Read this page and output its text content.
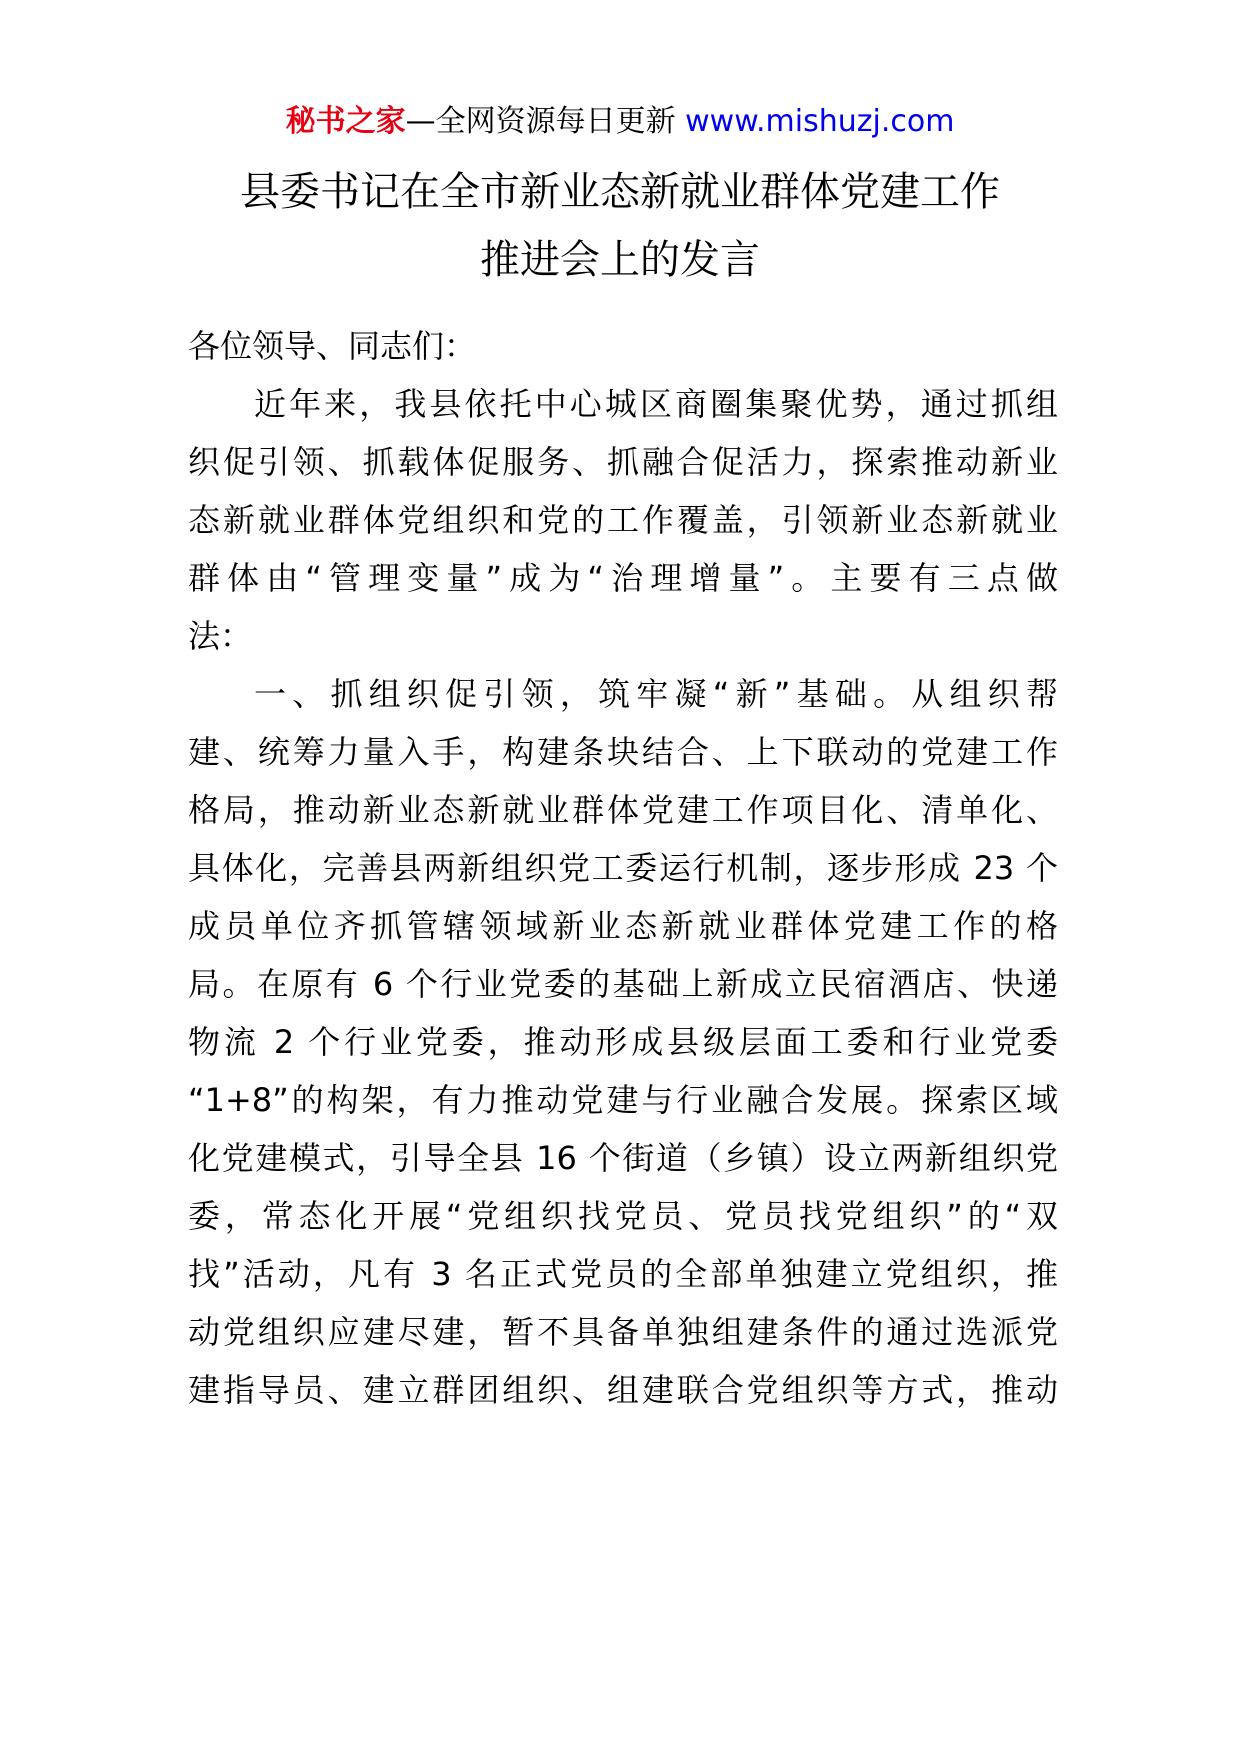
秘书之家—全网资源每日更新 www.mishuzj.com
县委书记在全市新业态新就业群体党建工作
推进会上的发言
各位领导、同志们：
近年来，我县依托中心城区商圈集聚优势，通过抓组
织促引领、抓载体促服务、抓融合促活力，探索推动新业
态新就业群体党组织和党的工作覆盖，引领新业态新就业
群体由“管理变量”成为“治理增量”。主要有三点做
法：
一、抓组织促引领，筑牢凝“新”基础。从组织帮
建、统筹力量入手，构建条块结合、上下联动的党建工作
格局，推动新业态新就业群体党建工作项目化、清单化、
具体化，完善县两新组织党工委运行机制，逐步形成 23 个
成员单位齐抓管辖领域新业态新就业群体党建工作的格
局。在原有 6 个行业党委的基础上新成立民宿酒店、快递
物流 2 个行业党委，推动形成县级层面工委和行业党委
“1+8”的构架，有力推动党建与行业融合发展。探索区域
化党建模式，引导全县 16 个街道（乡镇）设立两新组织党
委，常态化开展“党组织找党员、党员找党组织”的“双
找”活动，凡有 3 名正式党员的全部单独建立党组织，推
动党组织应建尽建，暂不具备单独组建条件的通过选派党
建指导员、建立群团组织、组建联合党组织等方式，推动
